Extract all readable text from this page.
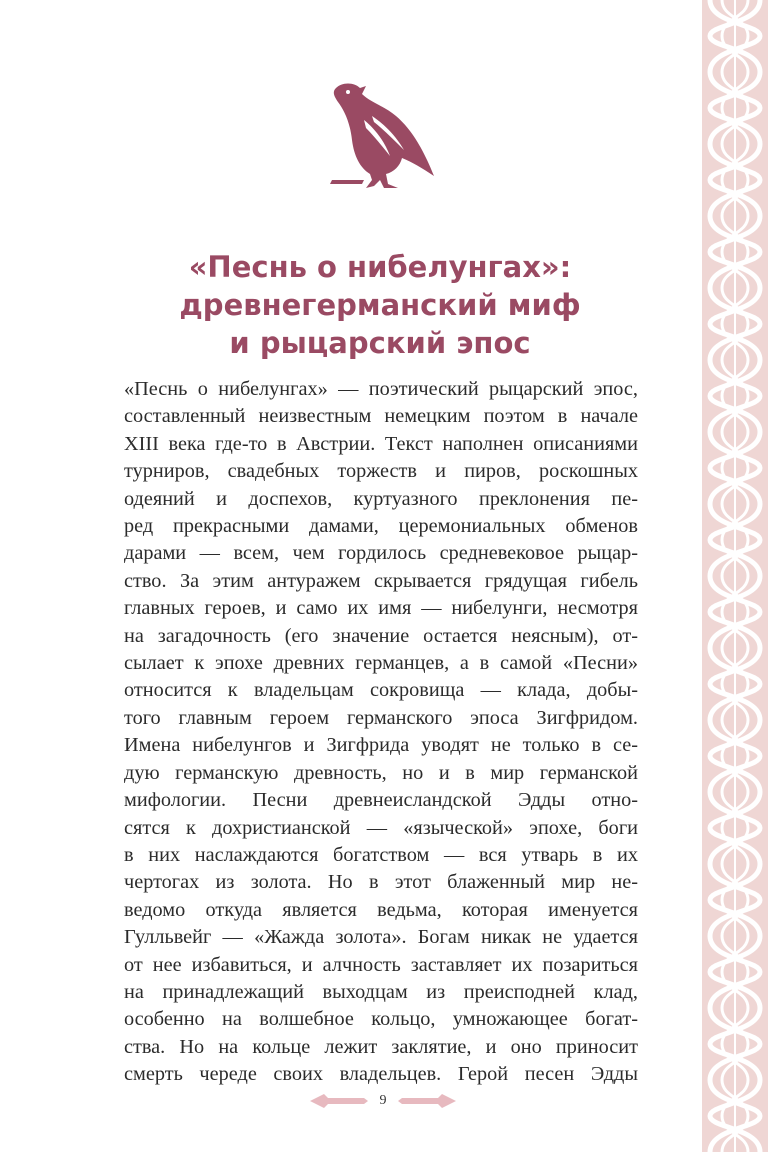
«Песнь о нибелунгах»:
древнегерманский миф
и рыцарский эпос

«Песнь о нибелунгах» — поэтический рыцарский эпос,
составленный неизвестным немецким поэтом в начале
XIII века где-то в Австрии. Текст наполнен описаниями
турниров, свадебных торжеств и пиров, роскошных
одеяний и доспехов, куртуазного преклонения пе-
ред прекрасными дамами, церемониальных обменов
дарами — всем, чем гордилось средневековое рыцар-
ство. За этим антуражем скрывается грядущая гибель
главных героев, и само их имя — нибелунги, несмотря
на загадочность (его значение остается неясным), от-
сылает к эпохе древних германцев, а в самой «Песни»
относится к владельцам сокровища — клада, добы-
того главным героем германского эпоса Зигфридом.
Имена нибелунгов и Зигфрида уводят не только в се-
дую германскую древность, но и в мир германской
мифологии. Песни древнеисландской Эдды отно-
сятся к дохристианской — «языческой» эпохе, боги
в них наслаждаются богатством — вся утварь в их
чертогах из золота. Но в этот блаженный мир не-
ведомо откуда является ведьма, которая именуется
Гулльвейг — «Жажда золота». Богам никак не удается
от нее избавиться, и алчность заставляет их позариться
на принадлежащий выходцам из преисподней клад,
особенно на волшебное кольцо, умножающее богат-
ства. Но на кольце лежит заклятие, и оно приносит
смерть череде своих владельцев. Герой песен Эдды

9
